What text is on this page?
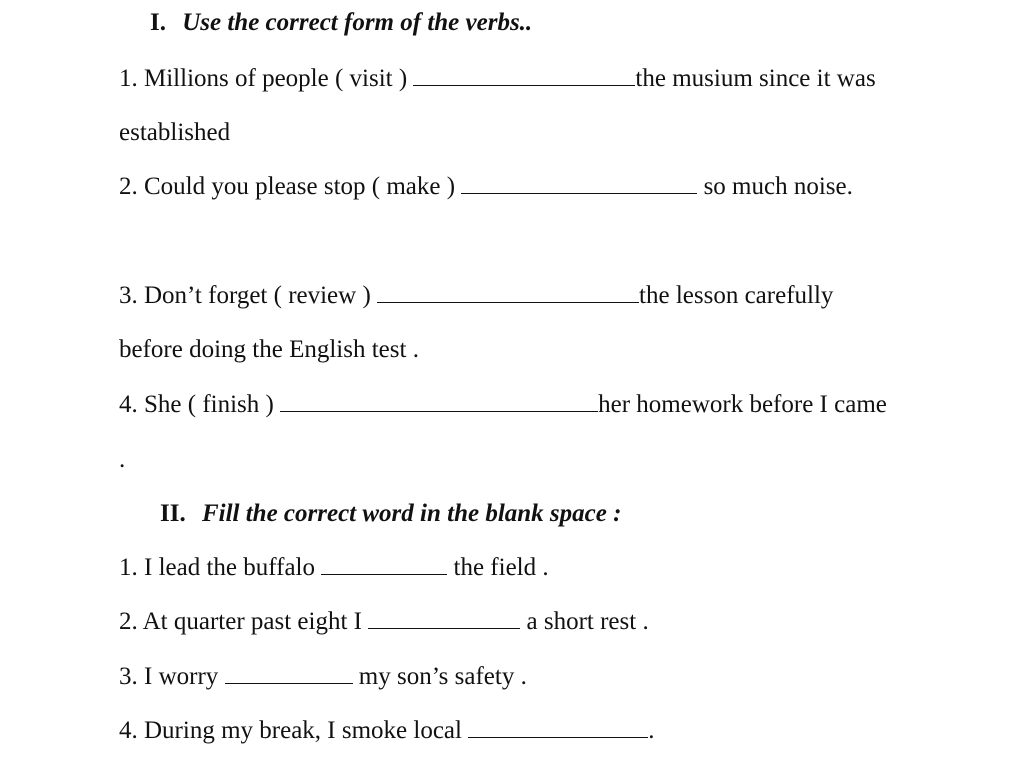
I. Use the correct form of the verbs..
1. Millions of people ( visit )	the musium since it was
established
2. Could you please stop ( make )	so much noise.
3. Don’t forget ( review )	the lesson carefully
before doing the English test .
4. She ( finish )	her homework before I came
.
II. Fill the correct word in the blank space :
1. I lead the buffalo	the field .
2. At quarter past eight I	a short rest .
3. I worry	my son’s safety .
4. During my break, I smoke local	.
